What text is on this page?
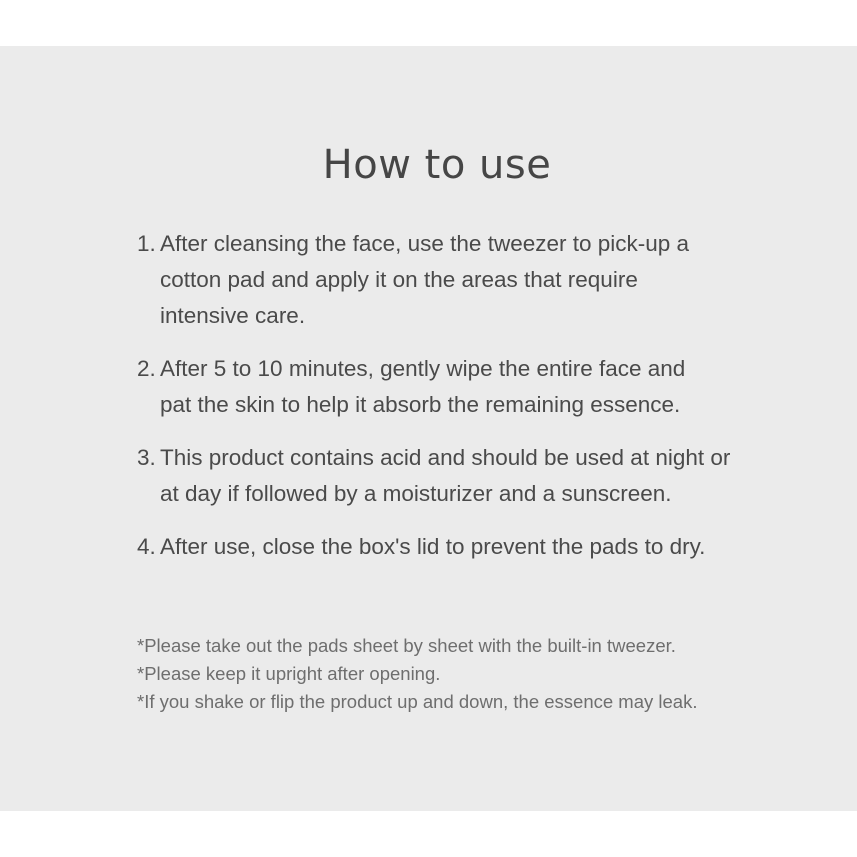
How to use
1. After cleansing the face, use the tweezer to pick-up a cotton pad and apply it on the areas that require intensive care.
2. After 5 to 10 minutes, gently wipe the entire face and pat the skin to help it absorb the remaining essence.
3. This product contains acid and should be used at night or at day if followed by a moisturizer and a sunscreen.
4. After use, close the box's lid to prevent the pads to dry.
*Please take out the pads sheet by sheet with the built-in tweezer.
*Please keep it upright after opening.
*If you shake or flip the product up and down, the essence may leak.
